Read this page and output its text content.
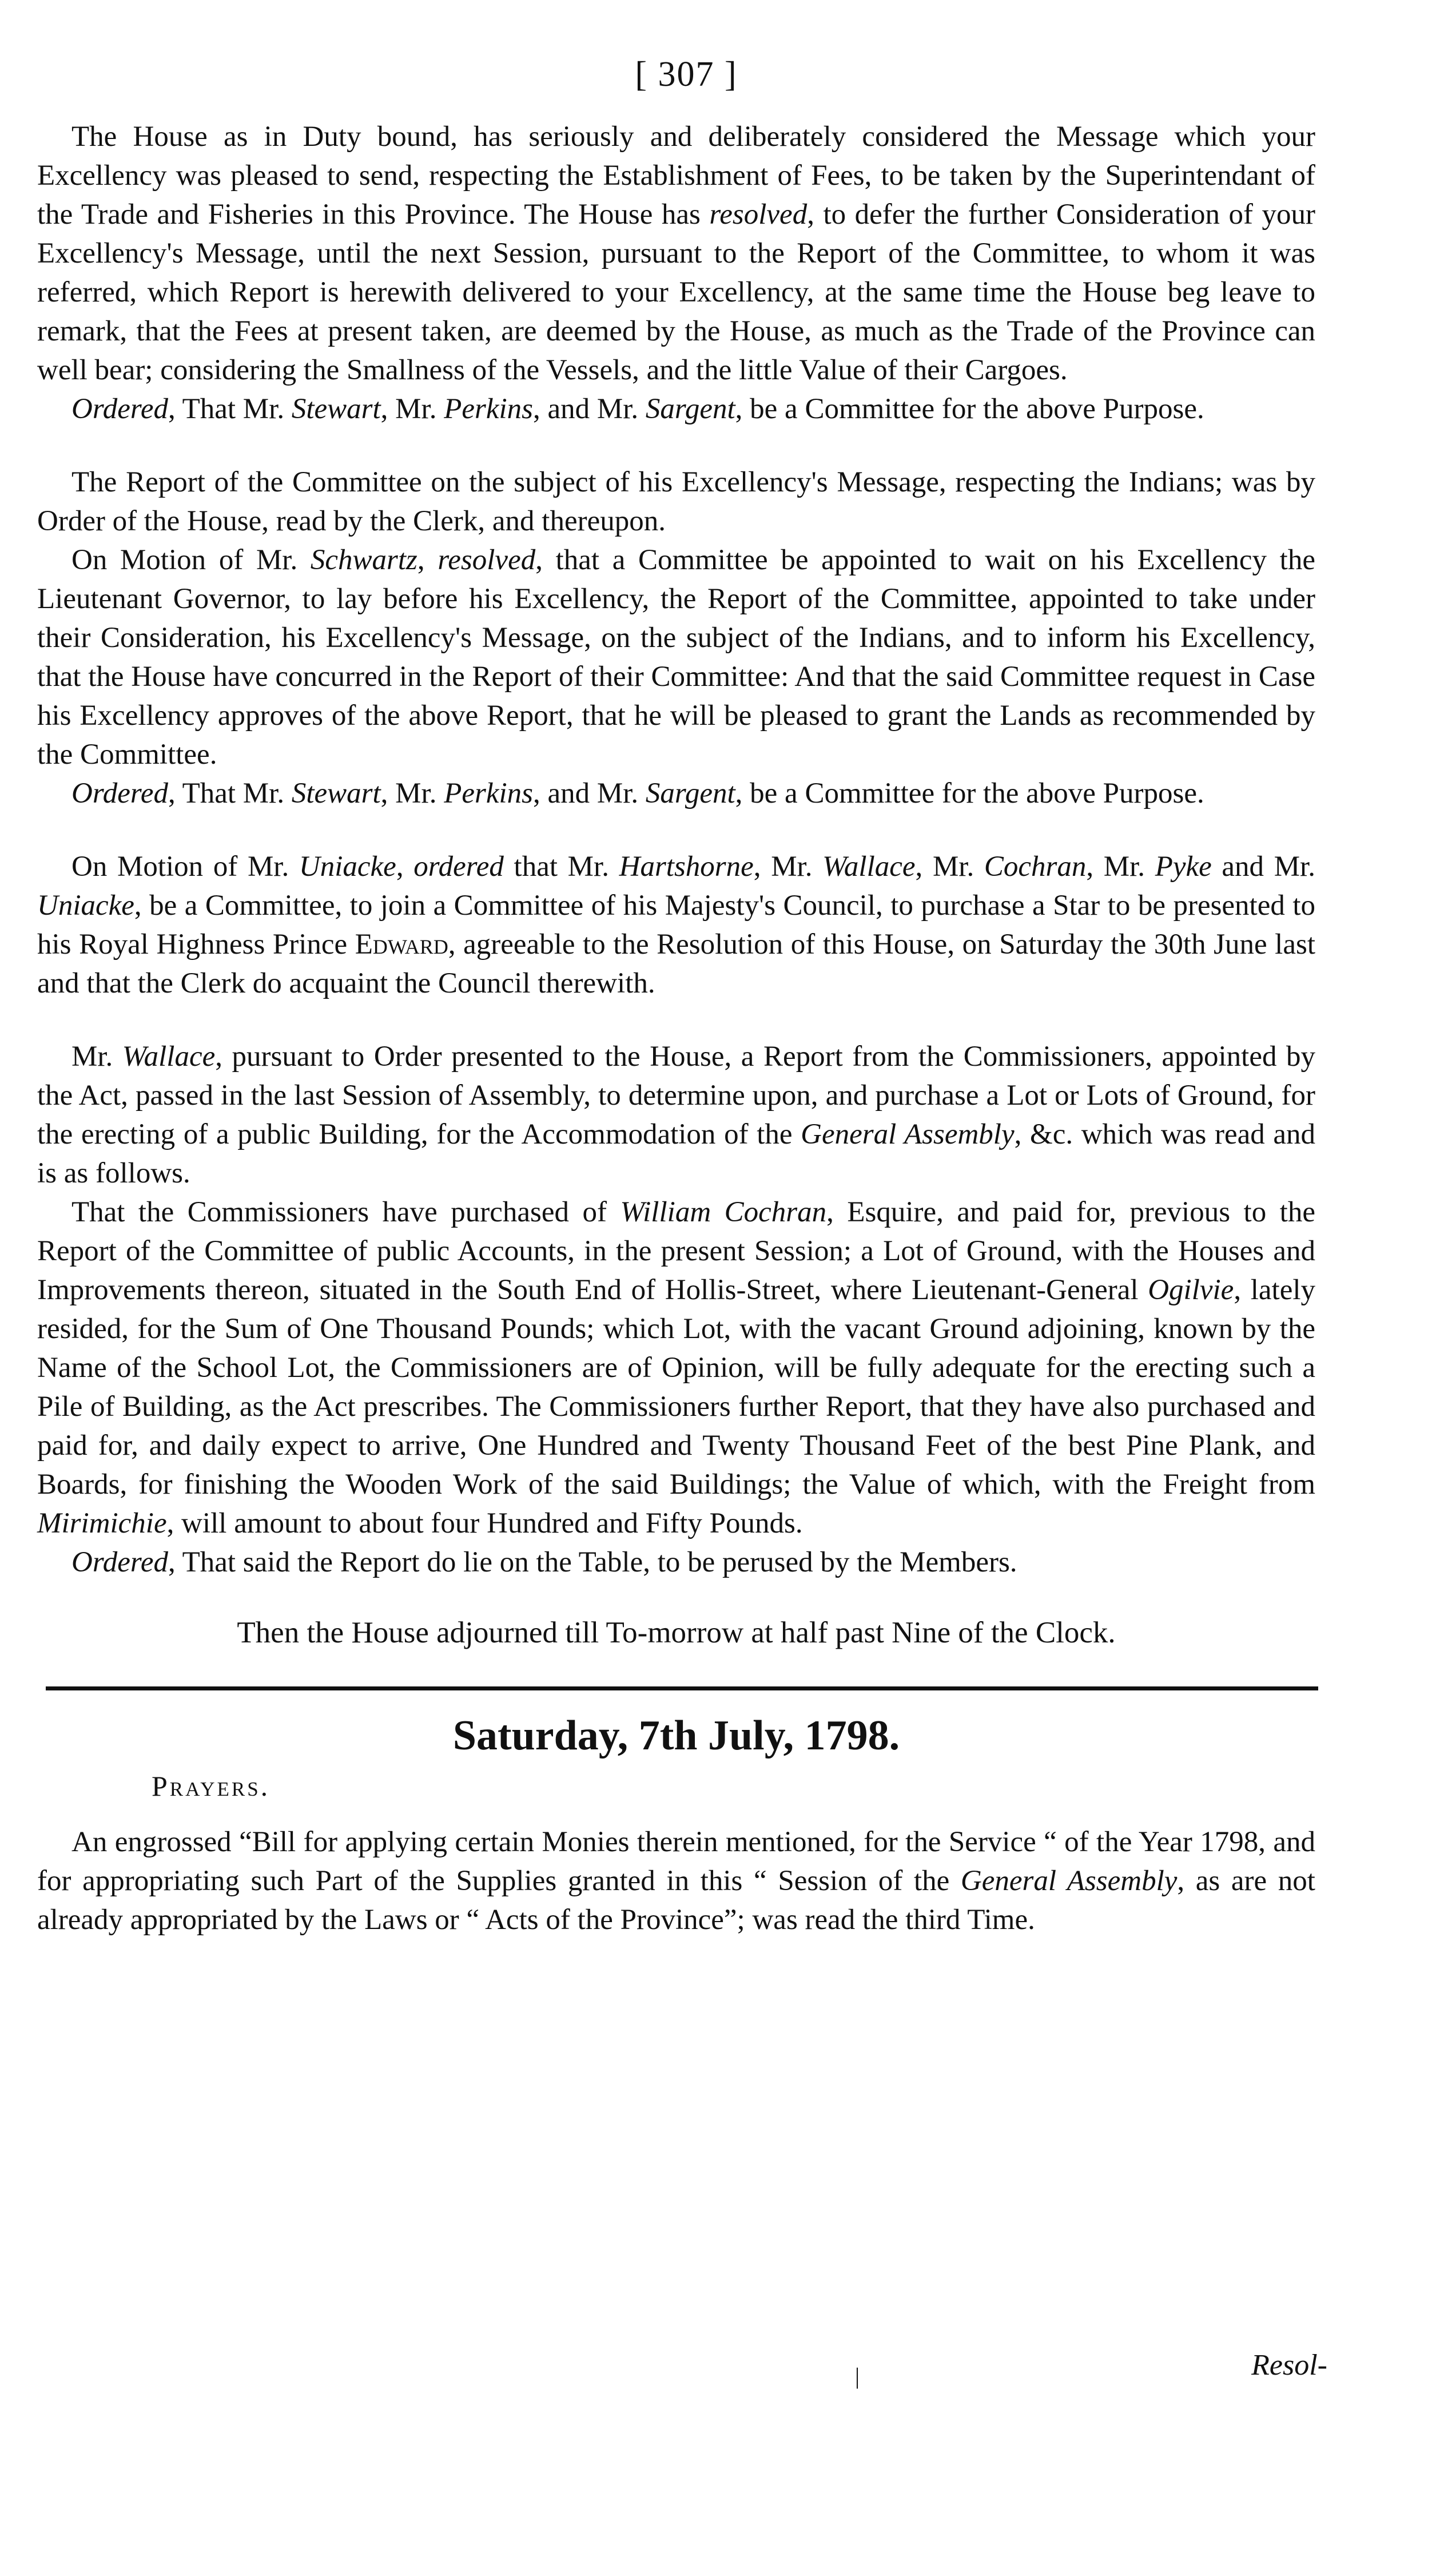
[ 307 ]

The House as in Duty bound, has seriously and deliberately considered the Message which your Excellency was pleased to send, respecting the Establishment of Fees, to be taken by the Superintendant of the Trade and Fisheries in this Province. The House has resolved, to defer the further Consideration of your Excellency's Message, until the next Session, pursuant to the Report of the Committee, to whom it was referred, which Report is herewith delivered to your Excellency, at the same time the House beg leave to remark, that the Fees at present taken, are deemed by the House, as much as the Trade of the Province can well bear; considering the Smallness of the Vessels, and the little Value of their Cargoes.

Ordered, That Mr. Stewart, Mr. Perkins, and Mr. Sargent, be a Committee for the above Purpose.

The Report of the Committee on the subject of his Excellency's Message, respecting the Indians; was by Order of the House, read by the Clerk, and thereupon.

On Motion of Mr. Schwartz, resolved, that a Committee be appointed to wait on his Excellency the Lieutenant Governor, to lay before his Excellency, the Report of the Committee, appointed to take under their Consideration, his Excellency's Message, on the subject of the Indians, and to inform his Excellency, that the House have concurred in the Report of their Committee: And that the said Committee request in Case his Excellency approves of the above Report, that he will be pleased to grant the Lands as recommended by the Committee.

Ordered, That Mr. Stewart, Mr. Perkins, and Mr. Sargent, be a Committee for the above Purpose.

On Motion of Mr. Uniacke, ordered that Mr. Hartshorne, Mr. Wallace, Mr. Cochran, Mr. Pyke and Mr. Uniacke, be a Committee, to join a Committee of his Majesty's Council, to purchase a Star to be presented to his Royal Highness Prince Edward, agreeable to the Resolution of this House, on Saturday the 30th June last and that the Clerk do acquaint the Council therewith.

Mr. Wallace, pursuant to Order presented to the House, a Report from the Commissioners, appointed by the Act, passed in the last Session of Assembly, to determine upon, and purchase a Lot or Lots of Ground, for the erecting of a public Building, for the Accommodation of the General Assembly, &c. which was read and is as follows.

That the Commissioners have purchased of William Cochran, Esquire, and paid for, previous to the Report of the Committee of public Accounts, in the present Session; a Lot of Ground, with the Houses and Improvements thereon, situated in the South End of Hollis-Street, where Lieutenant-General Ogilvie, lately resided, for the Sum of One Thousand Pounds; which Lot, with the vacant Ground adjoining, known by the Name of the School Lot, the Commissioners are of Opinion, will be fully adequate for the erecting such a Pile of Building, as the Act prescribes. The Commissioners further Report, that they have also purchased and paid for, and daily expect to arrive, One Hundred and Twenty Thousand Feet of the best Pine Plank, and Boards, for finishing the Wooden Work of the said Buildings; the Value of which, with the Freight from Mirimichie, will amount to about four Hundred and Fifty Pounds.

Ordered, That said the Report do lie on the Table, to be perused by the Members.

Then the House adjourned till To-morrow at half past Nine of the Clock.

Saturday, 7th July, 1798.
Prayers.

An engrossed “Bill for applying certain Monies therein mentioned, for the Service “ of the Year 1798, and for appropriating such Part of the Supplies granted in this “ Session of the General Assembly, as are not already appropriated by the Laws or “ Acts of the Province”; was read the third Time.

|	Resol-
